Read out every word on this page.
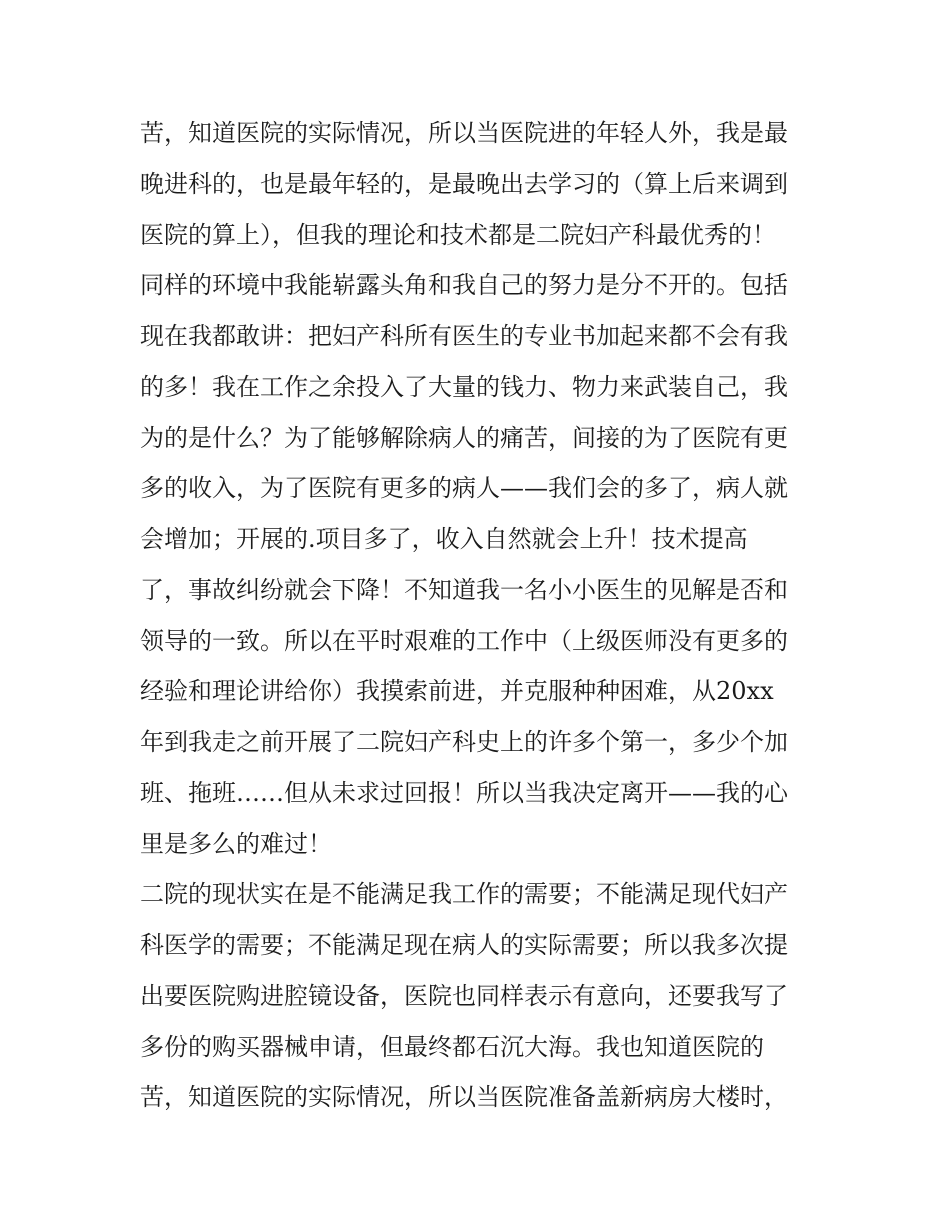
苦，知道医院的实际情况，所以当医院进的年轻人外，我是最
晚进科的，也是最年轻的，是最晚出去学习的（算上后来调到
医院的算上），但我的理论和技术都是二院妇产科最优秀的！
同样的环境中我能崭露头角和我自己的努力是分不开的。包括
现在我都敢讲：把妇产科所有医生的专业书加起来都不会有我
的多！我在工作之余投入了大量的钱力、物力来武装自己，我
为的是什么？为了能够解除病人的痛苦，间接的为了医院有更
多的收入，为了医院有更多的病人——我们会的多了，病人就
会增加；开展的.项目多了，收入自然就会上升！技术提高
了，事故纠纷就会下降！不知道我一名小小医生的见解是否和
领导的一致。所以在平时艰难的工作中（上级医师没有更多的
经验和理论讲给你）我摸索前进，并克服种种困难，从20xx
年到我走之前开展了二院妇产科史上的许多个第一，多少个加
班、拖班……但从未求过回报！所以当我决定离开——我的心
里是多么的难过！
二院的现状实在是不能满足我工作的需要；不能满足现代妇产
科医学的需要；不能满足现在病人的实际需要；所以我多次提
出要医院购进腔镜设备，医院也同样表示有意向，还要我写了
多份的购买器械申请，但最终都石沉大海。我也知道医院的
苦，知道医院的实际情况，所以当医院准备盖新病房大楼时，
